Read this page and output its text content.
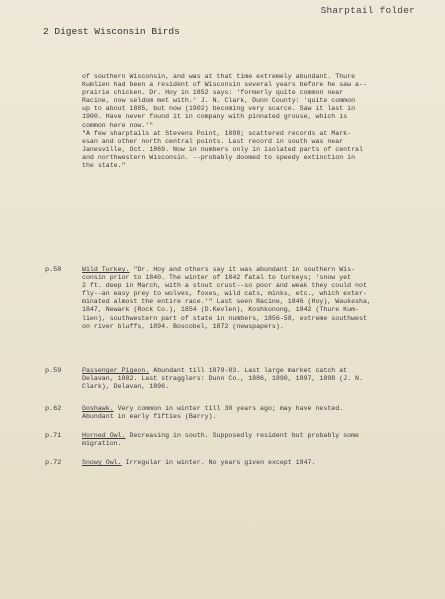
Sharptail folder
2 Digest Wisconsin Birds
of southern Wisconsin, and was at that time extremely abundant. Thure
Kumlien had been a resident of Wisconsin several years before he saw a--
prairie chicken. Dr. Hoy in 1852 says: 'formerly quite common near
Racine, now seldom met with.' J. N. Clark, Dunn County: 'quite common
up to about 1885, but now (1902) becoming very scarce. Saw it last in
1900. Have never found it in company with pinnated grouse, which is
common here now.'"
"A few sharptails at Stevens Point, 1898; scattered records at Mark-
esan and other north central points. Last record in south was near
Janesville, Oct. 1869. Now in numbers only in isolated parts of central
and northwestern Wisconsin. --probably doomed to speedy extinction in
the state."
p.58	Wild Turkey. "Dr. Hoy and others say it was abundant in southern Wis-
consin prior to 1840. The winter of 1842 fatal to turkeys; 'snow yet
2 ft. deep in March, with a stout crust--so poor and weak they could not
fly--an easy prey to wolves, foxes, wild cats, minks, etc., which exter-
minated almost the entire race.'" Last seen Racine, 1846 (Hoy), Waukesha,
1847, Newark (Rock Co.), 1854 (D.Kevlen), Koshkonong, 1842 (Thure Kum-
lien), southwestern part of state in numbers, 1856-58, extreme southwest
on river bluffs, 1894. Boscobel, 1872 (newspapers).
p.59	Passenger Pigeon. Abundant till 1879-83. Last large market catch at
Delavan, 1882. Last stragglers: Dunn Co., 1886, 1890, 1897, 1898 (J. N.
Clark), Delavan, 1896.
p.62	Goshawk. Very common in winter till 30 years ago; may have nested.
Abundant in early fifties (Barry).
p.71	Horned Owl. Decreasing in south. Supposedly resident but probably some
migration.
p.72	Snowy Owl. Irregular in winter. No years given except 1847.
